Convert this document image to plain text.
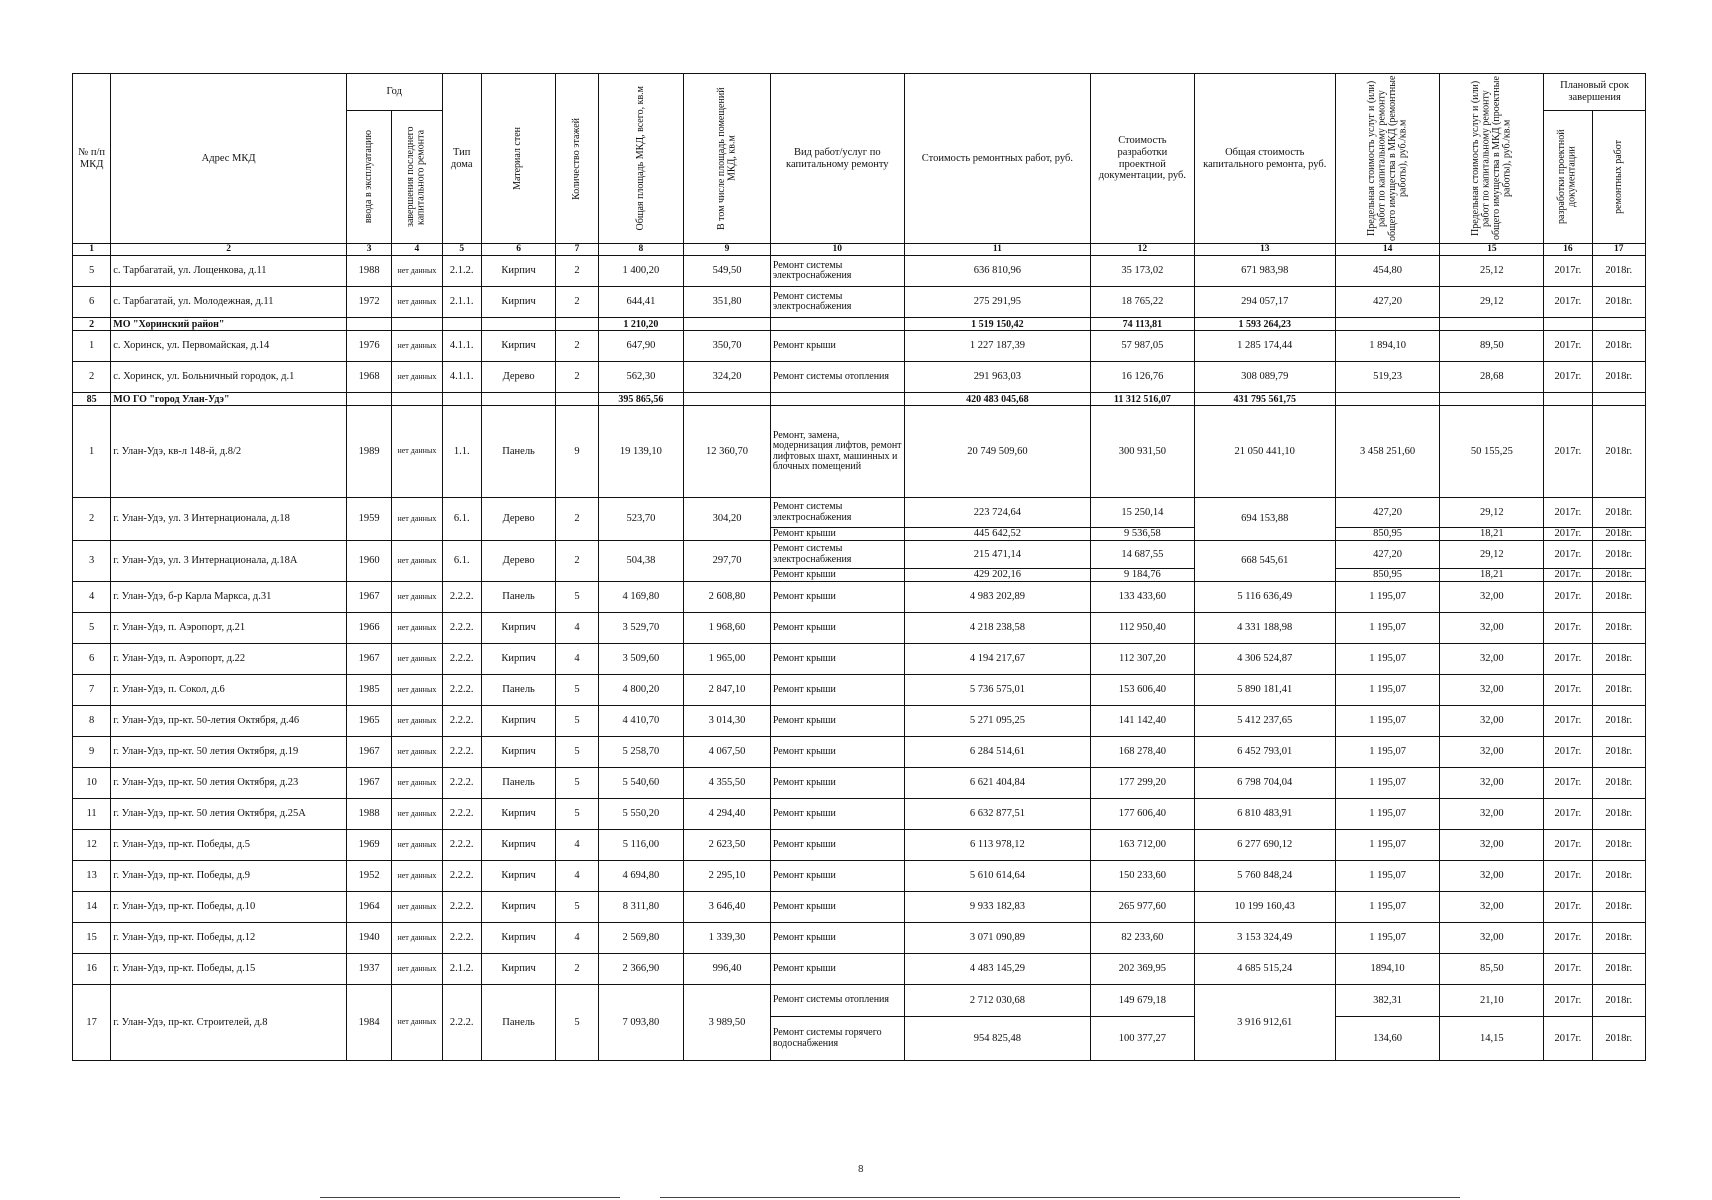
№ п/п МКД	Адрес МКД	Год		Тип дома	Материал стен	Количество этажей	Общая площадь МКД, всего, кв.м	В том числе площадь помещений МКД, кв.м	Вид работ/услуг по капитальному ремонту	Стоимость ремонтных работ, руб.	Стоимость разработки проектной документации, руб.	Общая стоимость капитального ремонта, руб.	Предельная стоимость услуг и (или) работ по капитальному ремонту общего имущества в МКД (ремонтные работы), руб./кв.м	Предельная стоимость услуг и (или) работ по капитальному ремонту общего имущества в МКД (проектные работы), руб./кв.м	Плановый срок завершения	

		ввода в эксплуатацию	завершения последнего капитального ремонта												разработки проектной документации	ремонтных работ

1	2	3	4	5	6	7	8	9	10	11	12	13	14	15	16	17
5	с. Тарбагатай, ул. Лощенкова, д.11	1988	нет данных	2.1.2.	Кирпич	2	1 400,20	549,50	Ремонт системы электроснабжения	636 810,96	35 173,02	671 983,98	454,80	25,12	2017г.	2018г.
6	с. Тарбагатай, ул. Молодежная, д.11	1972	нет данных	2.1.1.	Кирпич	2	644,41	351,80	Ремонт системы электроснабжения	275 291,95	18 765,22	294 057,17	427,20	29,12	2017г.	2018г.
2	МО "Хоринский район"						1 210,20			1 519 150,42	74 113,81	1 593 264,23				
1	с. Хоринск, ул. Первомайская, д.14	1976	нет данных	4.1.1.	Кирпич	2	647,90	350,70	Ремонт крыши	1 227 187,39	57 987,05	1 285 174,44	1 894,10	89,50	2017г.	2018г.
2	с. Хоринск, ул. Больничный городок, д.1	1968	нет данных	4.1.1.	Дерево	2	562,30	324,20	Ремонт системы отопления	291 963,03	16 126,76	308 089,79	519,23	28,68	2017г.	2018г.
85	МО ГО "город Улан-Удэ"						395 865,56			420 483 045,68	11 312 516,07	431 795 561,75				
1	г. Улан-Удэ, кв-л 148-й, д.8/2	1989	нет данных	1.1.	Панель	9	19 139,10	12 360,70	Ремонт, замена, модернизация лифтов, ремонт лифтовых шахт, машинных и блочных помещений	20 749 509,60	300 931,50	21 050 441,10	3 458 251,60	50 155,25	2017г.	2018г.
2	г. Улан-Удэ, ул. 3 Интернационала, д.18	1959	нет данных	6.1.	Дерево	2	523,70	304,20	Ремонт системы электроснабжения	223 724,64	15 250,14	694 153,88	427,20	29,12	2017г.	2018г.
									Ремонт крыши	445 642,52	9 536,58		850,95	18,21	2017г.	2018г.
3	г. Улан-Удэ, ул. 3 Интернационала, д.18А	1960	нет данных	6.1.	Дерево	2	504,38	297,70	Ремонт системы электроснабжения	215 471,14	14 687,55	668 545,61	427,20	29,12	2017г.	2018г.
									Ремонт крыши	429 202,16	9 184,76		850,95	18,21	2017г.	2018г.
4	г. Улан-Удэ, б-р Карла Маркса, д.31	1967	нет данных	2.2.2.	Панель	5	4 169,80	2 608,80	Ремонт крыши	4 983 202,89	133 433,60	5 116 636,49	1 195,07	32,00	2017г.	2018г.
5	г. Улан-Удэ, п. Аэропорт, д.21	1966	нет данных	2.2.2.	Кирпич	4	3 529,70	1 968,60	Ремонт крыши	4 218 238,58	112 950,40	4 331 188,98	1 195,07	32,00	2017г.	2018г.
6	г. Улан-Удэ, п. Аэропорт, д.22	1967	нет данных	2.2.2.	Кирпич	4	3 509,60	1 965,00	Ремонт крыши	4 194 217,67	112 307,20	4 306 524,87	1 195,07	32,00	2017г.	2018г.
7	г. Улан-Удэ, п. Сокол, д.6	1985	нет данных	2.2.2.	Панель	5	4 800,20	2 847,10	Ремонт крыши	5 736 575,01	153 606,40	5 890 181,41	1 195,07	32,00	2017г.	2018г.
8	г. Улан-Удэ, пр-кт. 50-летия Октября, д.46	1965	нет данных	2.2.2.	Кирпич	5	4 410,70	3 014,30	Ремонт крыши	5 271 095,25	141 142,40	5 412 237,65	1 195,07	32,00	2017г.	2018г.
9	г. Улан-Удэ, пр-кт. 50 летия Октября, д.19	1967	нет данных	2.2.2.	Кирпич	5	5 258,70	4 067,50	Ремонт крыши	6 284 514,61	168 278,40	6 452 793,01	1 195,07	32,00	2017г.	2018г.
10	г. Улан-Удэ, пр-кт. 50 летия Октября, д.23	1967	нет данных	2.2.2.	Панель	5	5 540,60	4 355,50	Ремонт крыши	6 621 404,84	177 299,20	6 798 704,04	1 195,07	32,00	2017г.	2018г.
11	г. Улан-Удэ, пр-кт. 50 летия Октября, д.25А	1988	нет данных	2.2.2.	Кирпич	5	5 550,20	4 294,40	Ремонт крыши	6 632 877,51	177 606,40	6 810 483,91	1 195,07	32,00	2017г.	2018г.
12	г. Улан-Удэ, пр-кт. Победы, д.5	1969	нет данных	2.2.2.	Кирпич	4	5 116,00	2 623,50	Ремонт крыши	6 113 978,12	163 712,00	6 277 690,12	1 195,07	32,00	2017г.	2018г.
13	г. Улан-Удэ, пр-кт. Победы, д.9	1952	нет данных	2.2.2.	Кирпич	4	4 694,80	2 295,10	Ремонт крыши	5 610 614,64	150 233,60	5 760 848,24	1 195,07	32,00	2017г.	2018г.
14	г. Улан-Удэ, пр-кт. Победы, д.10	1964	нет данных	2.2.2.	Кирпич	5	8 311,80	3 646,40	Ремонт крыши	9 933 182,83	265 977,60	10 199 160,43	1 195,07	32,00	2017г.	2018г.
15	г. Улан-Удэ, пр-кт. Победы, д.12	1940	нет данных	2.2.2.	Кирпич	4	2 569,80	1 339,30	Ремонт крыши	3 071 090,89	82 233,60	3 153 324,49	1 195,07	32,00	2017г.	2018г.
16	г. Улан-Удэ, пр-кт. Победы, д.15	1937	нет данных	2.1.2.	Кирпич	2	2 366,90	996,40	Ремонт крыши	4 483 145,29	202 369,95	4 685 515,24	1894,10	85,50	2017г.	2018г.
17	г. Улан-Удэ, пр-кт. Строителей, д.8	1984	нет данных	2.2.2.	Панель	5	7 093,80	3 989,50	Ремонт системы отопления	2 712 030,68	149 679,18	3 916 912,61	382,31	21,10	2017г.	2018г.
									Ремонт системы горячего водоснабжения	954 825,48	100 377,27		134,60	14,15	2017г.	2018г.
8
